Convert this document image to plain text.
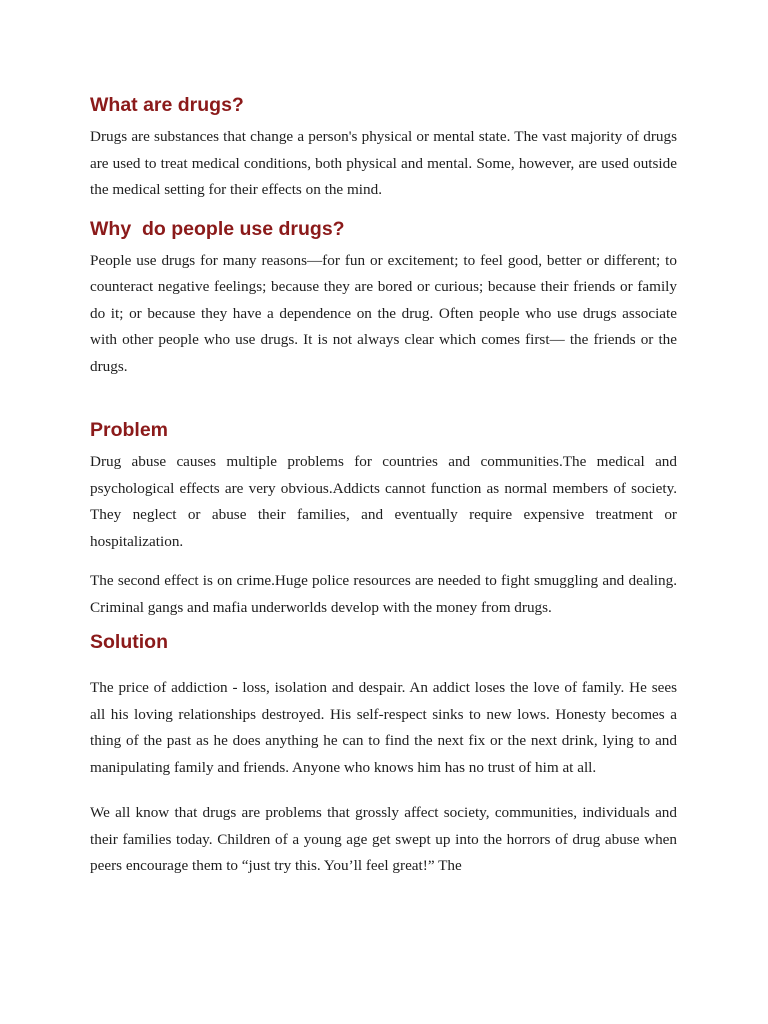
What are drugs?

Drugs are substances that change a person's physical or mental state. The vast majority of drugs are used to treat medical conditions, both physical and mental. Some, however, are used outside the medical setting for their effects on the mind.

Why  do people use drugs?

People use drugs for many reasons—for fun or excitement; to feel good, better or different; to counteract negative feelings; because they are bored or curious; because their friends or family do it; or because they have a dependence on the drug. Often people who use drugs associate with other people who use drugs. It is not always clear which comes first— the friends or the drugs.

Problem

Drug abuse causes multiple problems for countries and communities.The medical and psychological effects are very obvious.Addicts cannot function as normal members of society. They neglect or abuse their families, and eventually require expensive treatment or hospitalization.

The second effect is on crime.Huge police resources are needed to fight smuggling and dealing. Criminal gangs and mafia underworlds develop with the money from drugs.

Solution

The price of addiction - loss, isolation and despair. An addict loses the love of family. He sees all his loving relationships destroyed. His self-respect sinks to new lows. Honesty becomes a thing of the past as he does anything he can to find the next fix or the next drink, lying to and manipulating family and friends. Anyone who knows him has no trust of him at all.

We all know that drugs are problems that grossly affect society, communities, individuals and their families today. Children of a young age get swept up into the horrors of drug abuse when peers encourage them to “just try this. You’ll feel great!” The
